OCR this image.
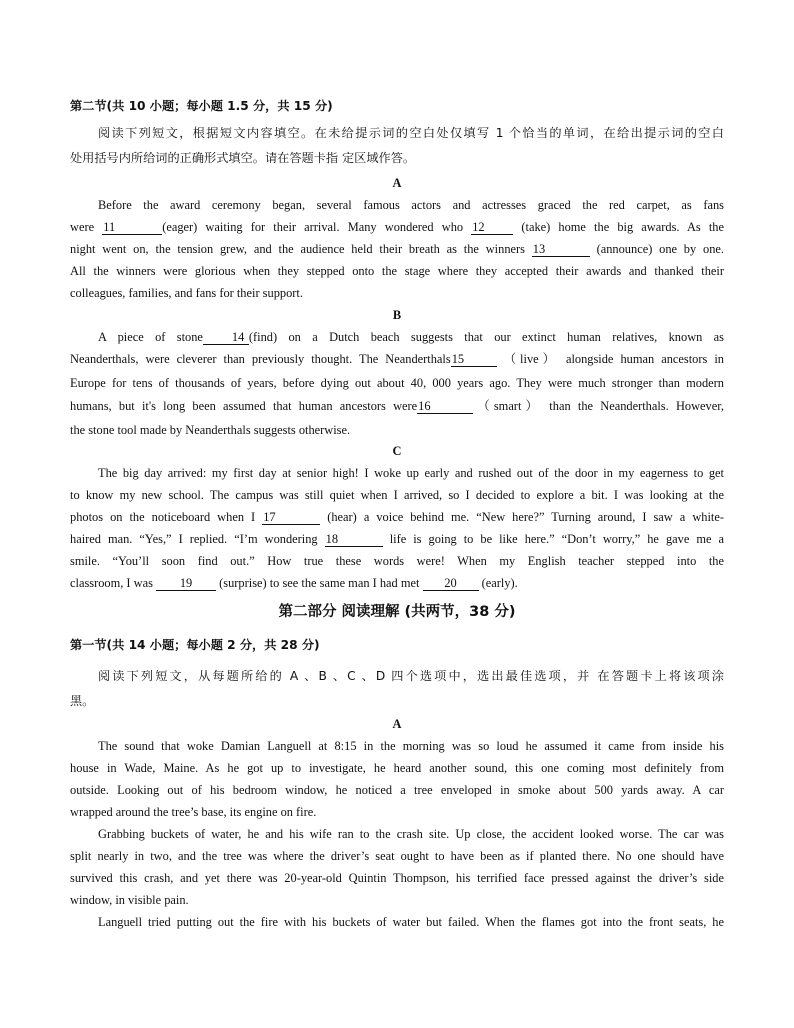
第二节(共 10 小题；每小题 1.5 分，共 15 分)
阅读下列短文，根据短文内容填空。在未给提示词的空白处仅填写 1 个恰当的单词，在给出提示词的空白
处用括号内所给词的正确形式填空。请在答题卡指 定区域作答。
A
Before the award ceremony began, several famous actors and actresses graced the red carpet, as fans
were 11	(eager) waiting for their arrival. Many wondered who 12	(take) home the big awards. As the
night went on, the tension grew, and the audience held their breath as the winners 13	(announce) one by one.
All the winners were glorious when they stepped onto the stage where they accepted their awards and thanked their
colleagues, families, and fans for their support.
B
A piece of stone 14 (find) on a Dutch beach suggests that our extinct human relatives, known as
Neanderthals, were cleverer than previously thought. The Neanderthals15	（live） alongside human ancestors in
Europe for tens of thousands of years, before dying out about 40, 000 years ago. They were much stronger than modern
humans, but it's long been assumed that human ancestors were16	（smart） than the Neanderthals. However,
the stone tool made by Neanderthals suggests otherwise.
C
The big day arrived: my first day at senior high! I woke up early and rushed out of the door in my eagerness to get
to know my new school. The campus was still quiet when I arrived, so I decided to explore a bit. I was looking at the
photos on the noticeboard when I 17	(hear) a voice behind me. “New here?” Turning around, I saw a white-
haired man. “Yes,” I replied. “I’m wondering 18	life is going to be like here.” “Don’t worry,” he gave me a
smile. “You’ll soon find out.” How true these words were! When my English teacher stepped into the
classroom, I was 19 (surprise) to see the same man I had met 20 (early).
第二部分 阅读理解 (共两节，38 分)
第一节(共 14 小题；每小题 2 分，共 28 分)
阅读下列短文，从每题所给的 A 、B 、C 、D 四个选项中，选出最佳选项，并 在答题卡上将该项涂
黑。
A
The sound that woke Damian Languell at 8:15 in the morning was so loud he assumed it came from inside his
house in Wade, Maine. As he got up to investigate, he heard another sound, this one coming most definitely from
outside. Looking out of his bedroom window, he noticed a tree enveloped in smoke about 500 yards away. A car
wrapped around the tree’s base, its engine on fire.
Grabbing buckets of water, he and his wife ran to the crash site. Up close, the accident looked worse. The car was
split nearly in two, and the tree was where the driver’s seat ought to have been as if planted there. No one should have
survived this crash, and yet there was 20-year-old Quintin Thompson, his terrified face pressed against the driver’s side
window, in visible pain.
Languell tried putting out the fire with his buckets of water but failed. When the flames got into the front seats, he
